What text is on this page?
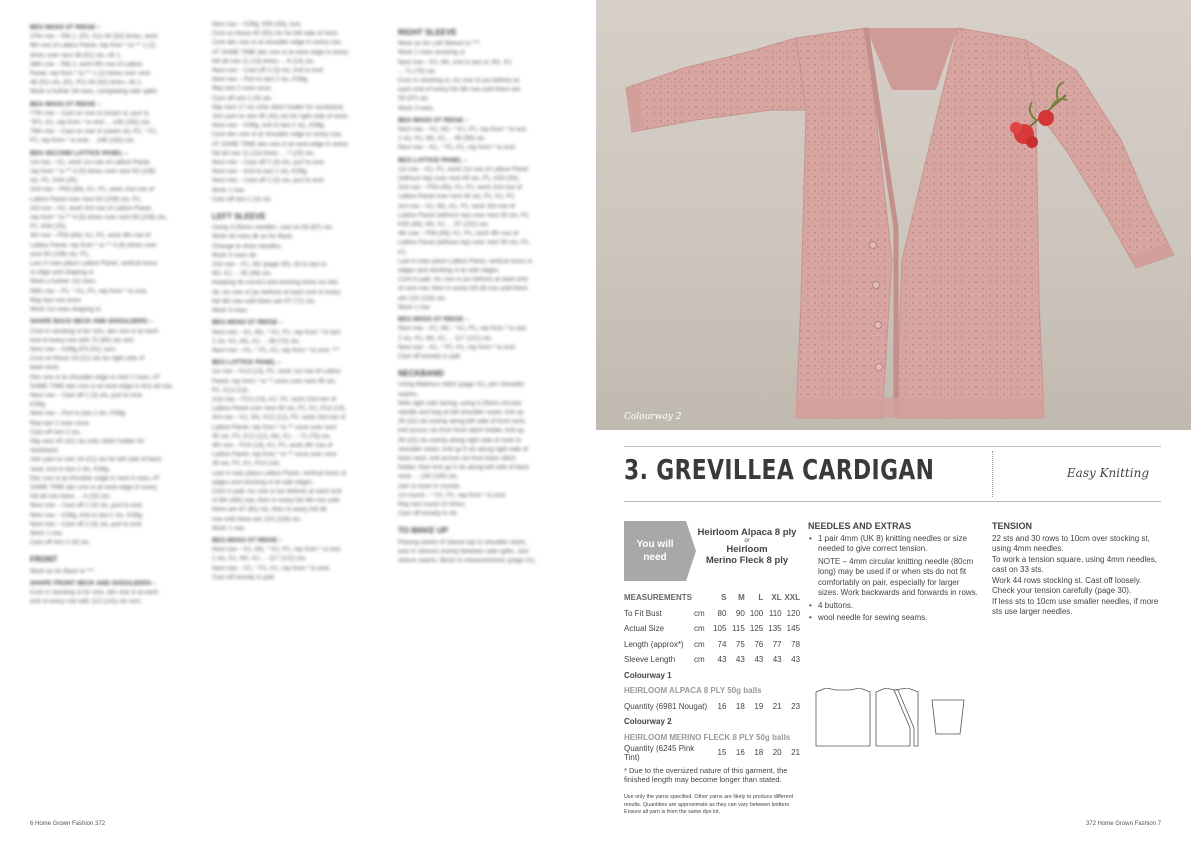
BEG MOSS ST RIDGE –
37th row – Rib 1, (P1, K1) 44 (52) times, work
6th row of Lattice Panel, rep from * to ** 1 (2)
times over next 46 (51) sts, rib 1.
38th row – Rib 2, work 6th row of Lattice
Panel, rep from * to ** 1 (2) times over next
46 (51) sts, (K1, P1) 44 (52) times, rib 1.
Work a further 34 rows, completing side splits.
BEG MOSS ST RIDGE –
77th row – Cast on one st (seam st, purl st,
*(P1, K1, rep from * to end ... 146 (162) sts.
78th row – Cast on one st (seam st), P1, * K1,
P1, rep from * to end ... 146 (162) sts.
BEG SECOND LATTICE PANEL –
1st row – K1, work 1st row of Lattice Panel,
rep from * to ** 4 (5) times over next 93 (108)
sts, P1, K44 (25).
2nd row – P53 (64), K1, P1, work 2nd row of
Lattice Panel over next 93 (108) sts, P1.
3rd row – K1, work 3rd row of Lattice Panel,
rep from * to ** 4 (5) times over next 93 (108) sts,
P1, K44 (25).
4th row – P53 (64), K1, P1, work 4th row of
Lattice Panel, rep from * to ** 4 (5) times over
next 93 (108) sts, P1.
Last 4 rows place Lattice Panel, vertical moss
st ridge and shaping st.
Work a further 1st rows.
59th row – P1, * K1, P1, rep from * to end.
Rep last row once.
Work 1st rows shaping st.
SHAPE BACK NECK AND SHOULDERS –
Cont in stocking st for size, dec one st at each
end of every row with 72 (80) sts rem.
Next row – K39g (P3 (51), turn.
Cont on these 14 (21) sts for right side of
back neck.
Dec one st at shoulder edge in next 2 rows, AT
SAME TIME dec one st at neck edge in first alt row.
Next row – Cast off 2 (3) sts, purl to end,
K39g.
Next row – Purl to last 2 sts, P39g.
Rep last 2 rows once.
Cast off rem 3 sts.
Slip next 40 (41) sts onto stitch holder for
neckband.
Join yarn to rem 16 (21) sts for left side of back
neck, knit to last 2 sts, K39g.
Dec one st at shoulder edge in next 4 rows, AT
SAME TIME dec one st at neck edge in every
foll alt row twice ... 4 (10) sts.
Next row – Cast off 2 (3) sts, purl to end.
Next row – K39g, knit to last 2 sts, K39g.
Next row – Cast off 2 (3) sts, purl to end.
Work 1 row.
Cast off rem 2 (4) sts.
FRONT
Work as for Back to ***.
SHAPE FRONT NECK AND SHOULDERS –
Cont in stocking st for size, dec one st at each
end of every row with 113 (141) sts rem.
Next row – K39g, K50 (55), turn.
Cont on these 40 (50) sts for left side of neck.
Cont dec one st at shoulder edge in every row,
AT SAME TIME dec one st at neck edge in every
foll alt row 11 (13) times ... 6 (14) sts.
Next row – Cast off 2 (3) sts, knit to end.
Next row – Purl to last 2 sts, P39g.
Rep last 2 rows once.
Cast off rem 2 (4) sts.
Slip next 17 sts onto stitch holder for neckband.
Join yarn to rem 40 (41) sts for right side of neck.
Next row – K39g, knit to last 2 sts, K39g.
Cont dec one st at shoulder edge in every row,
AT SAME TIME dec one st at neck edge in every
foll alt row 11 (13) times ... 7 (15) sts.
Next row – Cast off 2 (3) sts, purl to end.
Next row – Knit to last 2 sts, K39g.
Next row – Cast off 2 (3) sts, purl to end.
Work 1 row.
Cast off rem 2 (4) sts.
LEFT SLEEVE
Using 3.25mm needles, cast on 63 (67) sts.
Work rib rows dk as for Back.
Change to 4mm needles.
Work 4 rows rib.
2nd row – K1, M1 (page 40), rib to last st,
M1, K1 ... 65 (69) sts.
Keeping rib correct and working extra sts into
rib, inc one st (as before) at each end of every
foll 4th row until there are 87 (71) sts.
Work 3 rows.
BEG MOSS ST RIDGE –
Next row – K1, M1, * K1, P1, rep from * to last
2 sts, K1, M1, K1 ... 69 (73) sts.
Next row – K1, * P1, K1, rep from * to end. ***
BEG LATTICE PANEL –
1st row – K13 (13), P1, work 1st row of Lattice
Panel, rep from * to ** once over next 45 sts,
P1, K13 (13).
2nd row – P13 (13), K1, P1, work 2nd row of
Lattice Panel over next 45 sts, P1, K1, P13 (13).
3rd row – K1, M1, K12 (12), P1, work 3rd row of
Lattice Panel, rep from * to ** once over next
45 sts, P1, K12 (12), M1, K1 ... 71 (75) sts.
4th row – P14 (14), K1, P1, work 4th row of
Lattice Panel, rep from * to ** once over next
45 sts, P1, K1, P14 (14).
Last 4 rows place Lattice Panel, vertical moss st
edges and stocking st at side edges.
Cont in patt, inc one st (as before) at each end
of 6th (4th) row, then in every foll 4th row until
there are 87 (81) sts, then in every foll alt
row until there are 115 (119) sts.
Work 1 row.
BEG MOSS ST RIDGE –
Next row – K1, M1, * K1, P1, rep from * to last
2 sts, K1, M1, K1 ... 117 (121) sts.
Next row – K1, * P1, K1, rep from * to end.
Cast off loosely in patt.
RIGHT SLEEVE
Work as for Left Sleeve to ***.
Work 2 rows stocking st.
Next row – K1, M1, knit to last st, M1, K1
... 71 (75) sts.
Cont in stocking st, inc one st (as before) at
each end of every foll 4th row until there are
93 (97) sts.
Work 3 rows.
BEG MOSS ST RIDGE –
Next row – K1, M1, * K1, P1, rep from * to last
2 sts, K1, M1, K1 ... 95 (99) sts.
Next row – K1, * P1, K1, rep from * to end.
BEG LATTICE PANEL –
1st row – K1, P1, work 1st row of Lattice Panel
(without rep) over next 45 sts, P1, K93 (93).
2nd row – P93 (93), K1, P1, work 2nd row of
Lattice Panel over next 45 sts, P1, K1, P1.
3rd row – K1, M1, K1, P1, work 3rd row of
Lattice Panel (without rep) over next 45 sts, P1,
K93 (94), M1, K1 ... 97 (101) sts.
4th row – P94 (94), K1, P1, work 4th row of
Lattice Panel (without rep) over next 45 sts, P1.
K1.
Last 4 rows place Lattice Panel, vertical moss st
edges and stocking st at side edges.
Cont in patt, inc one st (as before) at each end
of next row, then in every foll alt row until there
are 115 (119) sts.
Work 1 row.
BEG MOSS ST RIDGE –
Next row – K1, M1, * K1, P1, rep from * to last
2 sts, K1, M1, K1 ... 117 (121) sts.
Next row – K1, * P1, K1, rep from * to end.
Cast off loosely in patt.
NECKBAND
Using Mattress stitch (page 31), join shoulder
seams.
With right side facing, using 3.25mm circular
needle and beg at left shoulder seam, knit up
39 (32) sts evenly along left side of front neck,
knit across sts from front stitch holder, knit up
39 (32) sts evenly along right side of neck to
shoulder seam, knit up 5 sts along right side of
back neck, knit across sts from back stitch
holder, then knit up 5 sts along left side of back
neck ... 136 (140) sts.
Join to work in rounds.
1st round – * K1, P1, rep from * to end.
Rep last round 10 times.
Cast off loosely in rib.
TO MAKE UP
Placing centre of sleeve top to shoulder seam,
sew in sleeves evenly between side splits. Join
sleeve seams. Block to measurements (page 21).
6 Home Grown Fashion 372
Colourway 2
3. GREVILLEA CARDIGAN	Easy Knitting
You will
need
Heirloom Alpaca 8 ply
or
Heirloom
Merino Fleck 8 ply
MEASUREMENTS	S	M	L	XL XXL
To Fit Bust	cm	80	90 100 110 120
Actual Size	cm	105 115 125 135 145
Length (approx*)	cm	74	75	76	77	78
Sleeve Length	cm	43	43	43	43	43
Colourway 1
HEIRLOOM ALPACA 8 PLY 50g balls
Quantity (6981 Nougat)	16	18	19	21	23
Colourway 2
HEIRLOOM MERINO FLECK 8 PLY 50g balls
Quantity (6245 Pink Tint)	15	16	18	20	21
* Due to the oversized nature of this garment, the finished length may become longer than stated.
Use only the yarns specified. Other yarns are likely to produce different results. Quantities are approximate as they can vary between knitters. Ensure all yarn is from the same dye lot.
NEEDLES AND EXTRAS
• 1 pair 4mm (UK 8) knitting needles or size needed to give correct tension.
NOTE – 4mm circular knitting needle (80cm long) may be used if or when sts do not fit comfortably on pair, especially for larger sizes. Work backwards and forwards in rows.
• 4 buttons.
• wool needle for sewing seams.
TENSION
22 sts and 30 rows to 10cm over stocking st, using 4mm needles.
To work a tension square, using 4mm needles, cast on 33 sts.
Work 44 rows stocking st. Cast off loosely.
Check your tension carefully (page 30).
If less sts to 10cm use smaller needles, if more sts use larger needles.
372 Home Grown Fashion 7
